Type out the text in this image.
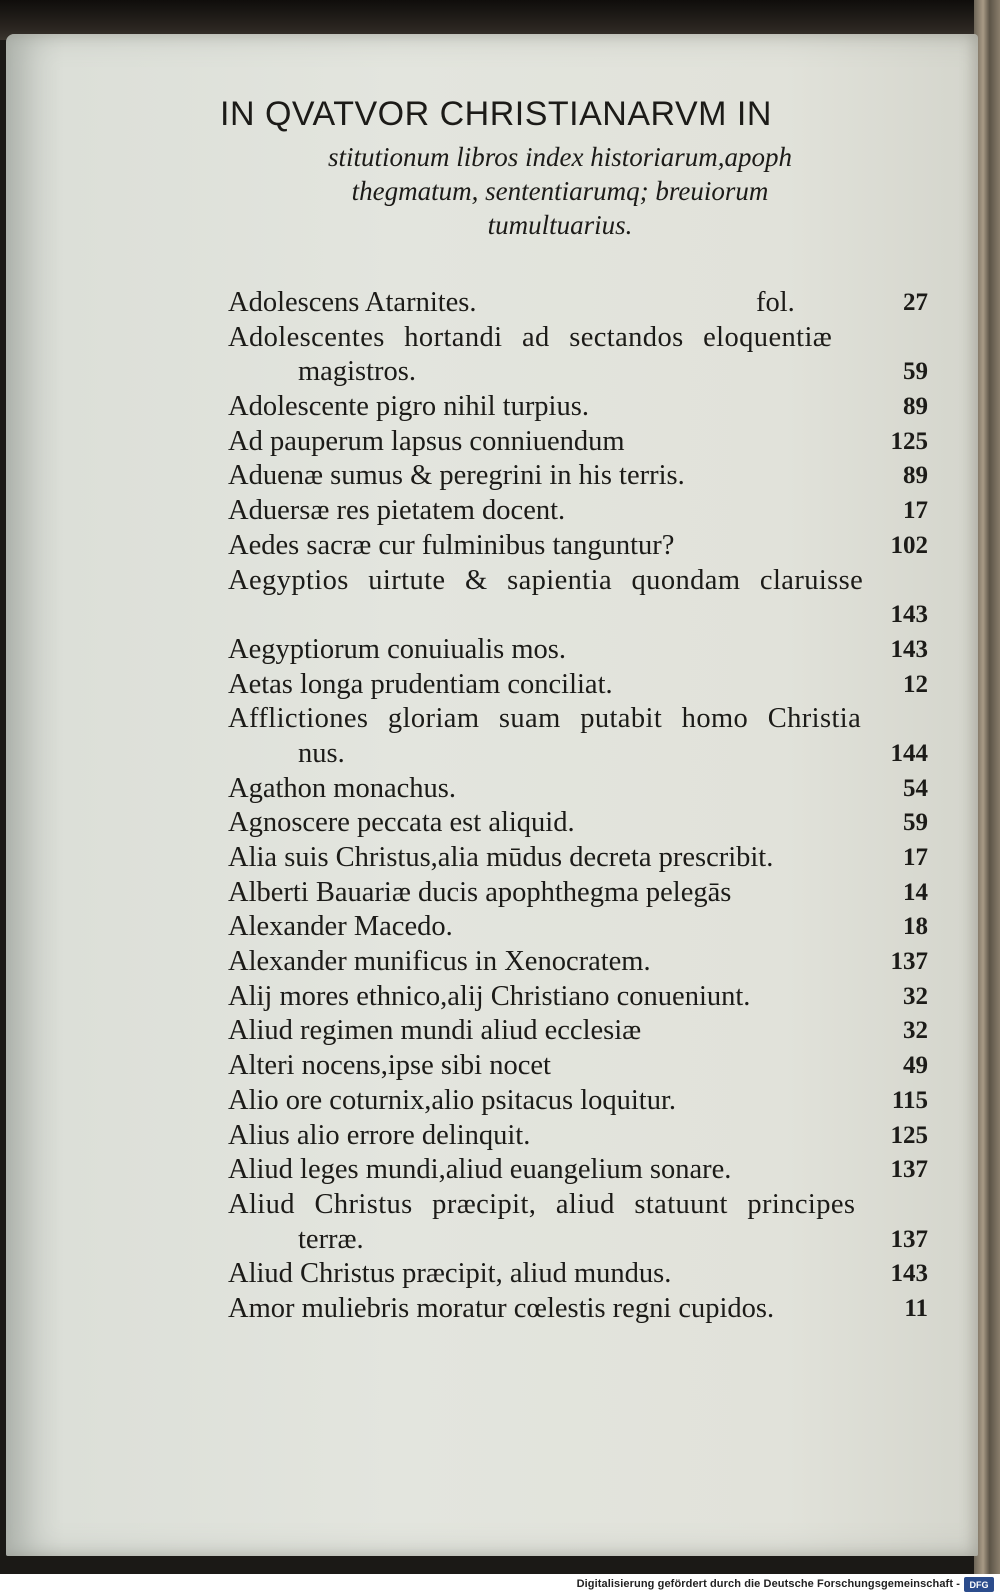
IN QVATVOR CHRISTIANARVM IN
stitutionum libros index historiarum,apoph
thegmatum, sententiarumq; breuiorum
tumultuarius.
Adolescens Atarnites.	fol.	27
Adolescentes hortandi ad sectandos eloquentiæ
magistros.	59
Adolescente pigro nihil turpius.	89
Ad pauperum lapsus conniuendum	125
Aduenæ sumus & peregrini in his terris.	89
Aduersæ res pietatem docent.	17
Aedes sacræ cur fulminibus tanguntur?	102
Aegyptios uirtute & sapientia quondam claruisse
143
Aegyptiorum conuiualis mos.	143
Aetas longa prudentiam conciliat.	12
Afflictiones gloriam suam putabit homo Christia
nus.	144
Agathon monachus.	54
Agnoscere peccata est aliquid.	59
Alia suis Christus,alia mūdus decreta prescribit.	17
Alberti Bauariæ ducis apophthegma pelegās	14
Alexander Macedo.	18
Alexander munificus in Xenocratem.	137
Alij mores ethnico,alij Christiano conueniunt.	32
Aliud regimen mundi aliud ecclesiæ	32
Alteri nocens,ipse sibi nocet	49
Alio ore coturnix,alio psitacus loquitur.	115
Alius alio errore delinquit.	125
Aliud leges mundi,aliud euangelium sonare.	137
Aliud Christus præcipit, aliud statuunt principes
terræ.	137
Aliud Christus præcipit, aliud mundus.	143
Amor muliebris moratur cœlestis regni cupidos.	11
Digitalisierung gefördert durch die Deutsche Forschungsgemeinschaft -	DFG
